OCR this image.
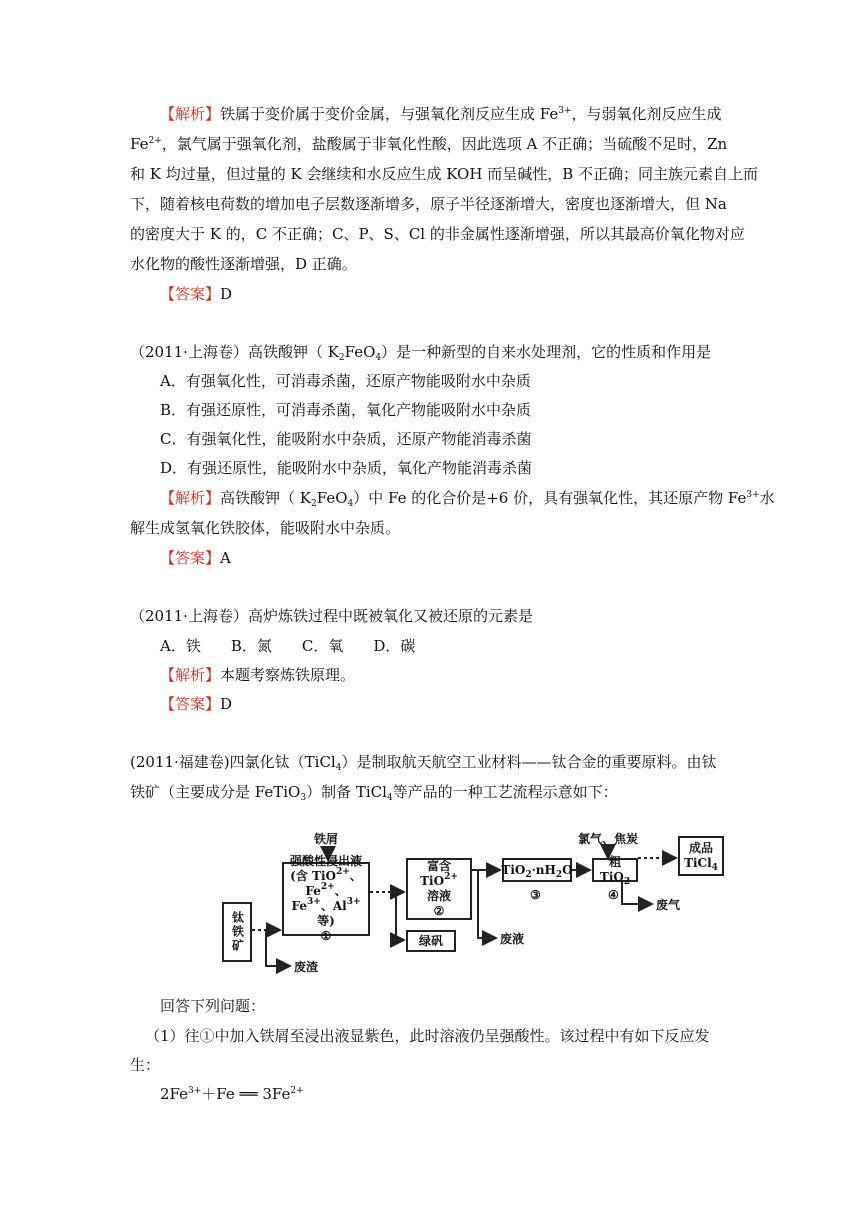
【解析】铁属于变价属于变价金属，与强氧化剂反应生成 $Fe^{3+}$，与弱氧化剂反应生成
$Fe^{2+}$，氯气属于强氧化剂，盐酸属于非氧化性酸，因此选项 A 不正确；当硫酸不足时，Zn
和 K 均过量，但过量的 K 会继续和水反应生成 KOH 而呈碱性，B 不正确；同主族元素自上而
下，随着核电荷数的增加电子层数逐渐增多，原子半径逐渐增大，密度也逐渐增大，但 Na
的密度大于 K 的，C 不正确；C、P、S、Cl 的非金属性逐渐增强，所以其最高价氧化物对应
水化物的酸性逐渐增强，D 正确。
【答案】D
（2011·上海卷）高铁酸钾（ $K_2FeO_4$）是一种新型的自来水处理剂，它的性质和作用是
A．有强氧化性，可消毒杀菌，还原产物能吸附水中杂质
B．有强还原性，可消毒杀菌，氧化产物能吸附水中杂质
C．有强氧化性，能吸附水中杂质，还原产物能消毒杀菌
D．有强还原性，能吸附水中杂质，氧化产物能消毒杀菌
【解析】高铁酸钾（ $K_2FeO_4$）中 Fe 的化合价是+6 价，具有强氧化性，其还原产物 $Fe^{3+}$水
解生成氢氧化铁胶体，能吸附水中杂质。
【答案】A
（2011·上海卷）高炉炼铁过程中既被氧化又被还原的元素是
A．铁　　B．氮　　C．氧　　D．碳
【解析】本题考察炼铁原理。
【答案】D
(2011·福建卷)四氯化钛（TiCl$_4$）是制取航天航空工业材料——钛合金的重要原料。由钛
铁矿（主要成分是 FeTiO$_3$）制备 TiCl$_4$等产品的一种工艺流程示意如下：
钛铁矿
废渣
铁屑
强酸性浸出液
(含 TiO$^{2+}$、$Fe^{2+}$、
$Fe^{3+}$、$Al^{3+}$ 等)
①
富含 TiO$^{2+}$
溶液
②
绿矾	废液
$TiO_2\cdot nH_2O$
③
氯气、焦炭
粗TiO$_2$
④
废气
成品
TiCl$_4$
回答下列问题：
（1）往①中加入铁屑至浸出液显紫色，此时溶液仍呈强酸性。该过程中有如下反应发
生：
$2Fe^{3+}+Fe$ ══ $3Fe^{2+}$
